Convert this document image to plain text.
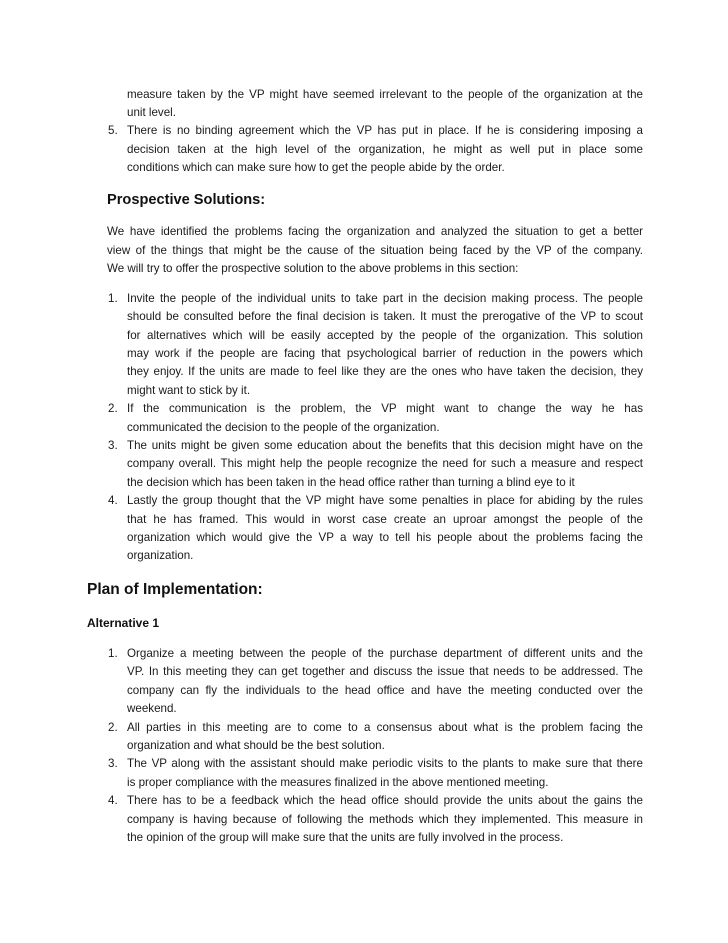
measure taken by the VP might have seemed irrelevant to the people of the organization at the
unit level.
5. There is no binding agreement which the VP has put in place. If he is considering imposing a
decision taken at the high level of the organization, he might as well put in place some
conditions which can make sure how to get the people abide by the order.
Prospective Solutions:
We have identified the problems facing the organization and analyzed the situation to get a better
view of the things that might be the cause of the situation being faced by the VP of the company.
We will try to offer the prospective solution to the above problems in this section:
1. Invite the people of the individual units to take part in the decision making process. The people
should be consulted before the final decision is taken. It must the prerogative of the VP to scout
for alternatives which will be easily accepted by the people of the organization. This solution
may work if the people are facing that psychological barrier of reduction in the powers which
they enjoy. If the units are made to feel like they are the ones who have taken the decision, they
might want to stick by it.
2. If the communication is the problem, the VP might want to change the way he has
communicated the decision to the people of the organization.
3. The units might be given some education about the benefits that this decision might have on the
company overall. This might help the people recognize the need for such a measure and respect
the decision which has been taken in the head office rather than turning a blind eye to it
4. Lastly the group thought that the VP might have some penalties in place for abiding by the rules
that he has framed. This would in worst case create an uproar amongst the people of the
organization which would give the VP a way to tell his people about the problems facing the
organization.
Plan of Implementation:
Alternative 1
1. Organize a meeting between the people of the purchase department of different units and the
VP. In this meeting they can get together and discuss the issue that needs to be addressed. The
company can fly the individuals to the head office and have the meeting conducted over the
weekend.
2. All parties in this meeting are to come to a consensus about what is the problem facing the
organization and what should be the best solution.
3. The VP along with the assistant should make periodic visits to the plants to make sure that there
is proper compliance with the measures finalized in the above mentioned meeting.
4. There has to be a feedback which the head office should provide the units about the gains the
company is having because of following the methods which they implemented. This measure in
the opinion of the group will make sure that the units are fully involved in the process.
